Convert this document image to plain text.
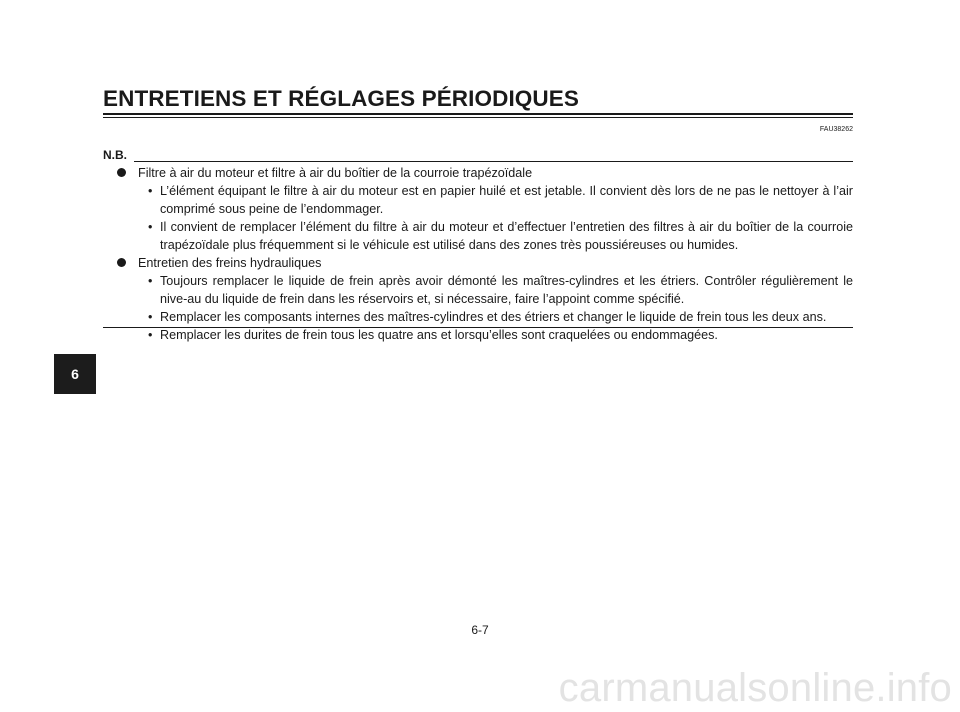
ENTRETIENS ET RÉGLAGES PÉRIODIQUES
FAU38262
N.B.
Filtre à air du moteur et filtre à air du boîtier de la courroie trapézoïdale
• L’élément équipant le filtre à air du moteur est en papier huilé et est jetable. Il convient dès lors de ne pas le nettoyer à l’air comprimé sous peine de l’endommager.
• Il convient de remplacer l’élément du filtre à air du moteur et d’effectuer l’entretien des filtres à air du boîtier de la courroie trapézoïdale plus fréquemment si le véhicule est utilisé dans des zones très poussiéreuses ou humides.
Entretien des freins hydrauliques
• Toujours remplacer le liquide de frein après avoir démonté les maîtres-cylindres et les étriers. Contrôler régulièrement le nive-au du liquide de frein dans les réservoirs et, si nécessaire, faire l’appoint comme spécifié.
• Remplacer les composants internes des maîtres-cylindres et des étriers et changer le liquide de frein tous les deux ans.
• Remplacer les durites de frein tous les quatre ans et lorsqu’elles sont craquelées ou endommagées.
6
6-7
carmanualsonline.info
